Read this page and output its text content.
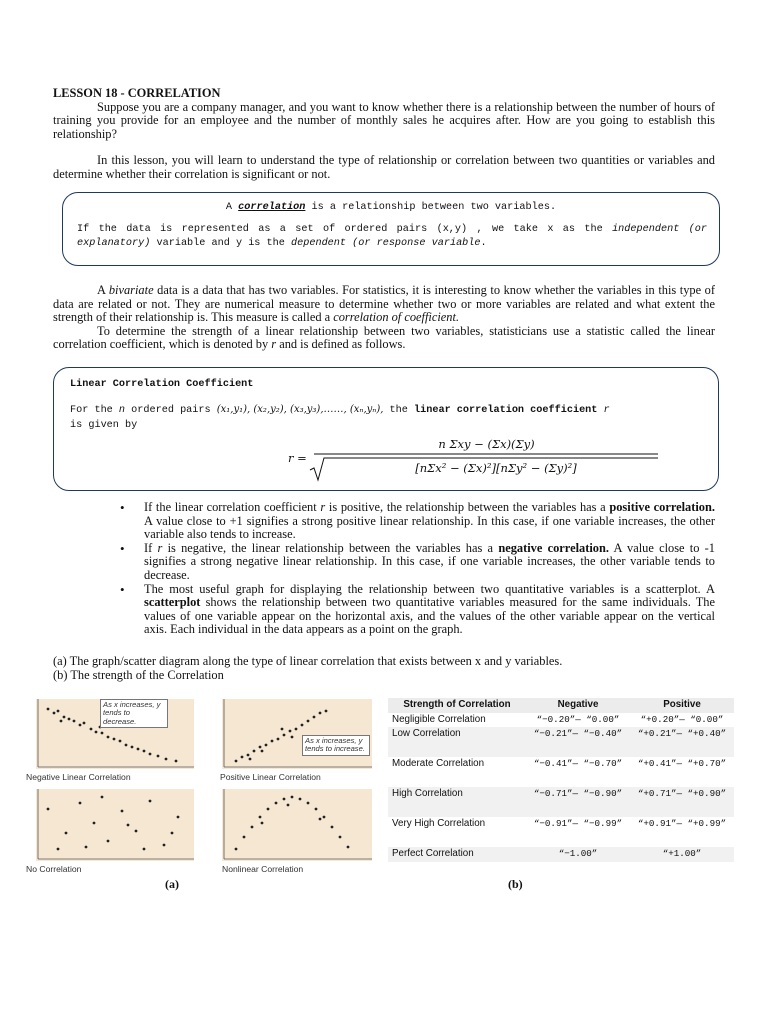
LESSON 18 - CORRELATION

Suppose you are a company manager, and you want to know whether there is a relationship between the number of hours of training you provide for an employee and the number of monthly sales he acquires after. How are you going to establish this relationship?

In this lesson, you will learn to understand the type of relationship or correlation between two quantities or variables and determine whether their correlation is significant or not.

A correlation is a relationship between two variables.
If the data is represented as a set of ordered pairs (x,y) , we take x as the independent (or explanatory) variable and y is the dependent (or response variable.

A bivariate data is a data that has two variables. For statistics, it is interesting to know whether the variables in this type of data are related or not. They are numerical measure to determine whether two or more variables are related and what extent the strength of their relationship is. This measure is called a correlation of coefficient.

To determine the strength of a linear relationship between two variables, statisticians use a statistic called the linear correlation coefficient, which is denoted by r and is defined as follows.

Linear Correlation Coefficient
For the n ordered pairs (x₁,y₁), (x₂,y₂), (x₃,y₃),……, (xₙ,yₙ), the linear correlation coefficient r
is given by
r =
n Σxy − (Σx)(Σy)
[nΣx² − (Σx)²][nΣy² − (Σy)²]
• If the linear correlation coefficient r is positive, the relationship between the variables has a positive correlation. A value close to +1 signifies a strong positive linear relationship. In this case, if one variable increases, the other variable also tends to increase.
• If r is negative, the linear relationship between the variables has a negative correlation. A value close to -1 signifies a strong negative linear relationship. In this case, if one variable increases, the other variable tends to decrease.
• The most useful graph for displaying the relationship between two quantitative variables is a scatterplot. A scatterplot shows the relationship between two quantitative variables measured for the same individuals. The values of one variable appear on the horizontal axis, and the values of the other variable appear on the vertical axis. Each individual in the data appears as a point on the graph.
(a) The graph/scatter diagram along the type of linear correlation that exists between x and y variables.
(b) The strength of the Correlation
As x increases, y tends to decrease.
Negative Linear Correlation
As x increases, y tends to increase.
Positive Linear Correlation
No Correlation	Nonlinear Correlation
(a)
Strength of Correlation	Negative	Positive
Negligible Correlation	“−0.20”— “0.00”	“+0.20”— “0.00”
Low Correlation	“−0.21”— “−0.40”	“+0.21”— “+0.40”
Moderate Correlation	“−0.41”— “−0.70”	“+0.41”— “+0.70”
High Correlation	“−0.71”— “−0.90”	“+0.71”— “+0.90”
Very High Correlation	“−0.91”— “−0.99”	“+0.91”— “+0.99”
Perfect Correlation	“−1.00”	“+1.00”
(b)
